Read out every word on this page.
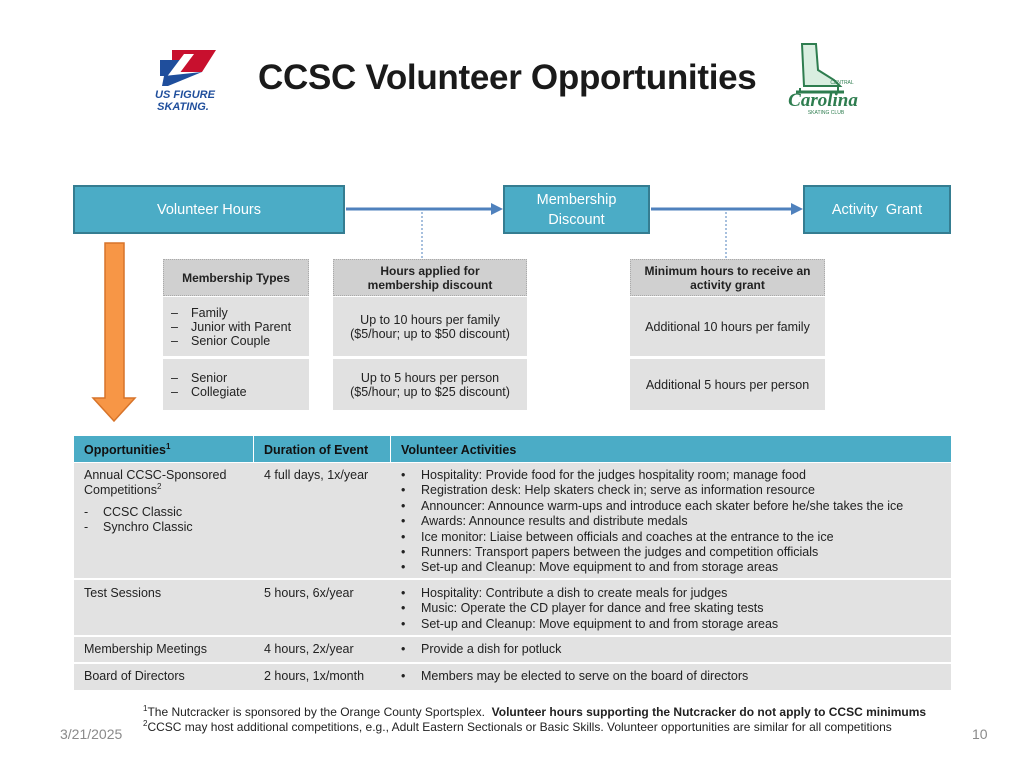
US FIGURE
SKATING.
CCSC Volunteer Opportunities
Carolina
CENTRAL
SKATING CLUB
Volunteer Hours
Membership Discount
Activity  Grant
Membership Types	Hours applied for membership discount
Minimum hours to receive an activity grant
– Family
– Junior with Parent
– Senior Couple
Up to 10 hours per family ($5/hour; up to $50 discount)	Additional 10 hours per family
– Senior
– Collegiate
Up to 5 hours per person ($5/hour; up to $25 discount)	Additional 5 hours per person
Opportunities$^1$	Duration of Event	Volunteer Activities
Annual CCSC-Sponsored Competitions$^2$
- CCSC Classic
- Synchro Classic
4 full days, 1x/year	• Hospitality: Provide food for the judges hospitality room; manage food
• Registration desk: Help skaters check in; serve as information resource
• Announcer: Announce warm-ups and introduce each skater before he/she takes the ice
• Awards: Announce results and distribute medals
• Ice monitor: Liaise between officials and coaches at the entrance to the ice
• Runners: Transport papers between the judges and competition officials
• Set-up and Cleanup: Move equipment to and from storage areas
Test Sessions	5 hours, 6x/year	• Hospitality: Contribute a dish to create meals for judges
• Music: Operate the CD player for dance and free skating tests
• Set-up and Cleanup: Move equipment to and from storage areas
Membership Meetings	4 hours, 2x/year	• Provide a dish for potluck
Board of Directors	2 hours, 1x/month	• Members may be elected to serve on the board of directors
$^1$The Nutcracker is sponsored by the Orange County Sportsplex.  Volunteer hours supporting the Nutcracker do not apply to CCSC minimums
$^2$CCSC may host additional competitions, e.g., Adult Eastern Sectionals or Basic Skills. Volunteer opportunities are similar for all competitions
3/21/2025	10
